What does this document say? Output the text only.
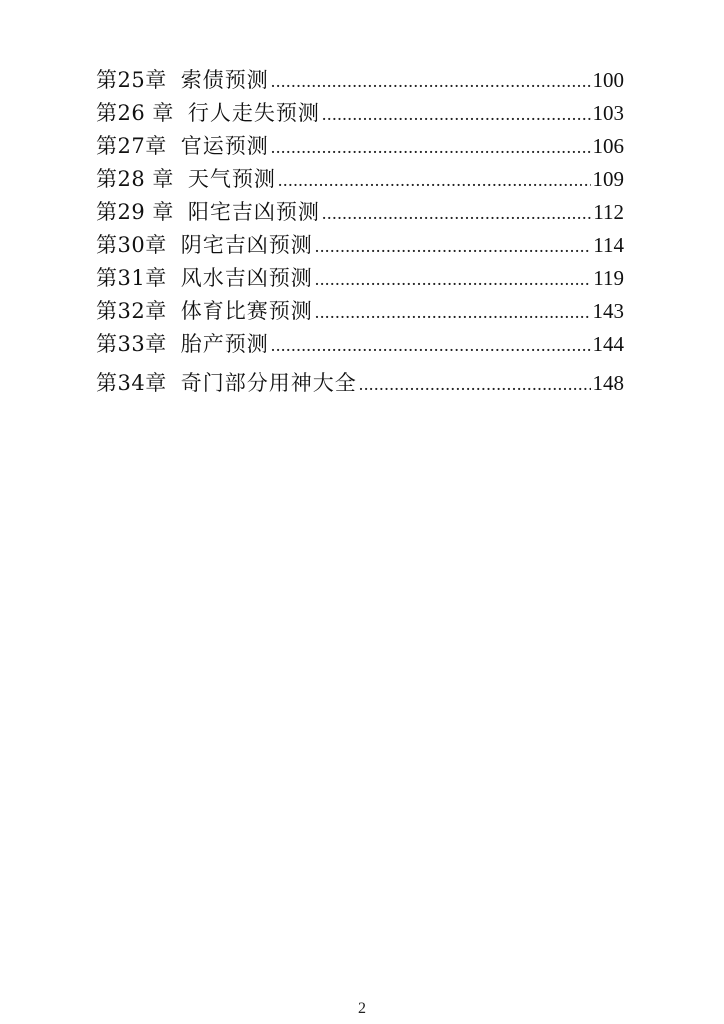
第25章 索债预测 .....	100
第26 章 行人走失预测 .....	103
第27章 官运预测 .....	106
第28 章 天气预测 .....	109
第29 章 阳宅吉凶预测 .....	112
第30章 阴宅吉凶预测 .....	114
第31章 风水吉凶预测 .....	119
第32章 体育比赛预测 .....	143
第33章 胎产预测 .....	144
第34章 奇门部分用神大全 .....	148
2
